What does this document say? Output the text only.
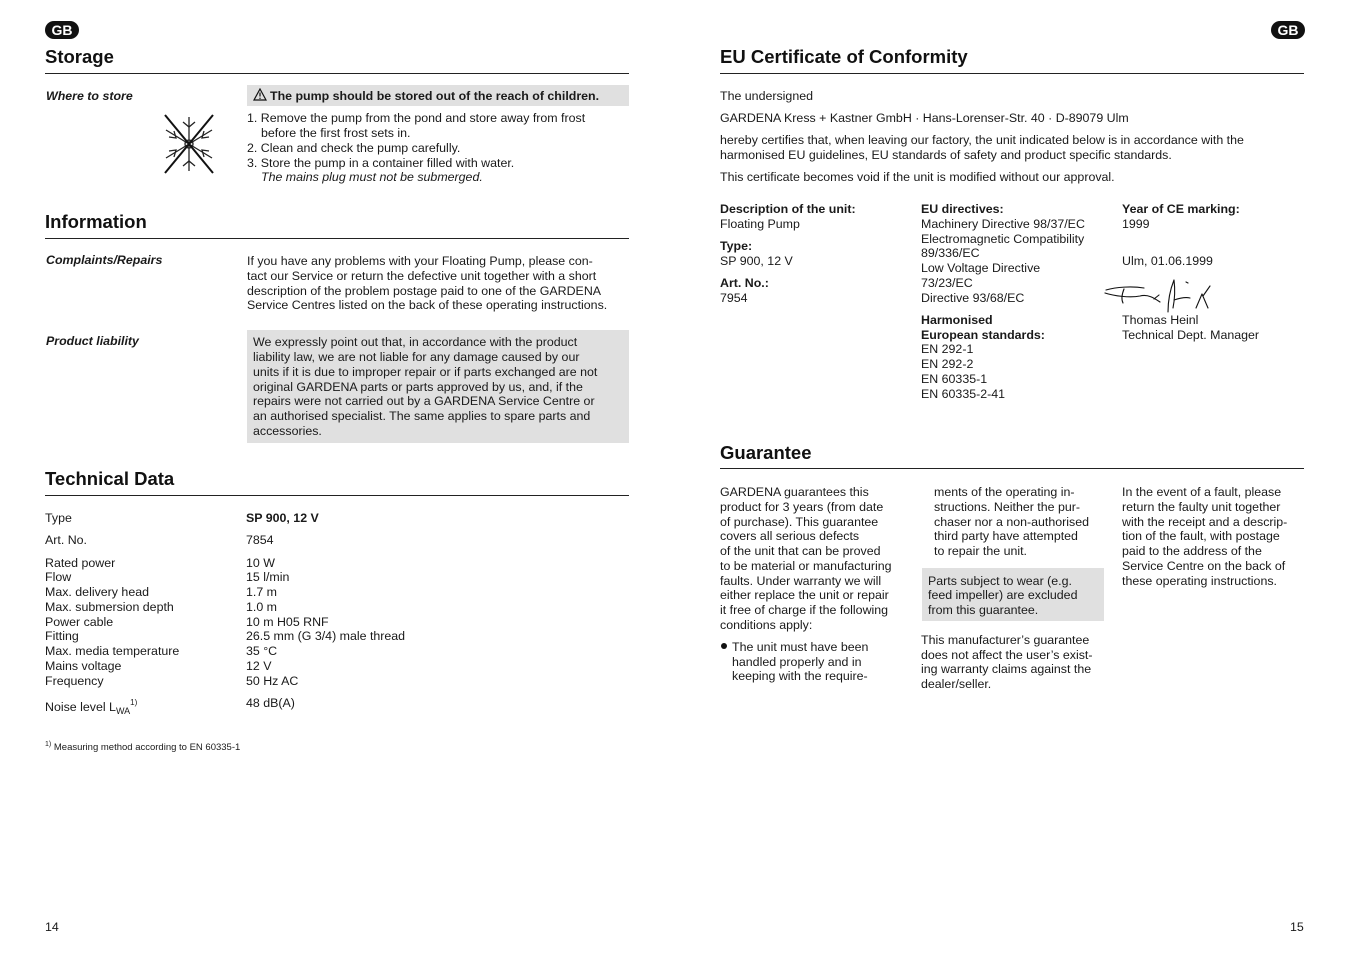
GB
Storage
Where to store	The pump should be stored out of the reach of children.
1. Remove the pump from the pond and store away from frost
before the first frost sets in.
2. Clean and check the pump carefully.
3. Store the pump in a container filled with water.
The mains plug must not be submerged.
Information
Complaints/Repairs	If you have any problems with your Floating Pump, please con-
tact our Service or return the defective unit together with a short
description of the problem postage paid to one of the GARDENA
Service Centres listed on the back of these operating instructions.
Product liability	We expressly point out that, in accordance with the product
liability law, we are not liable for any damage caused by our
units if it is due to improper repair or if parts exchanged are not
original GARDENA parts or parts approved by us, and, if the
repairs were not carried out by a GARDENA Service Centre or
an authorised specialist. The same applies to spare parts and
accessories.
Technical Data
Type	SP 900, 12 V
Art. No.	7854
Rated power	10 W
Flow	15 l/min
Max. delivery head	1.7 m
Max. submersion depth	1.0 m
Power cable	10 m H05 RNF
Fitting	26.5 mm (G 3/4) male thread
Max. media temperature	35 °C
Mains voltage	12 V
Frequency	50 Hz AC
Noise level $L_{WA}^{1)}$	48 dB(A)
$^{1)}$ Measuring method according to EN 60335-1
14
GB
EU Certificate of Conformity
The undersigned
GARDENA Kress + Kastner GmbH · Hans-Lorenser-Str. 40 · D-89079 Ulm
hereby certifies that, when leaving our factory, the unit indicated below is in accordance with the
harmonised EU guidelines, EU standards of safety and product specific standards.
This certificate becomes void if the unit is modified without our approval.
Description of the unit:
Floating Pump
Type:
SP 900, 12 V
Art. No.:
7954
EU directives:
Machinery Directive 98/37/EC
Electromagnetic Compatibility
89/336/EC
Low Voltage Directive
73/23/EC
Directive 93/68/EC
Harmonised
European standards:
EN 292-1
EN 292-2
EN 60335-1
EN 60335-2-41
Year of CE marking:
1999
Ulm, 01.06.1999
Thomas Heinl
Technical Dept. Manager
Guarantee
GARDENA guarantees this
product for 3 years (from date
of purchase). This guarantee
covers all serious defects
of the unit that can be proved
to be material or manufacturing
faults. Under warranty we will
either replace the unit or repair
it free of charge if the following
conditions apply:
The unit must have been
handled properly and in
keeping with the require-
ments of the operating in-
structions. Neither the pur-
chaser nor a non-authorised
third party have attempted
to repair the unit.
Parts subject to wear (e.g.
feed impeller) are excluded
from this guarantee.
This manufacturer’s guarantee
does not affect the user’s exist-
ing warranty claims against the
dealer/seller.
In the event of a fault, please
return the faulty unit together
with the receipt and a descrip-
tion of the fault, with postage
paid to the address of the
Service Centre on the back of
these operating instructions.
15
